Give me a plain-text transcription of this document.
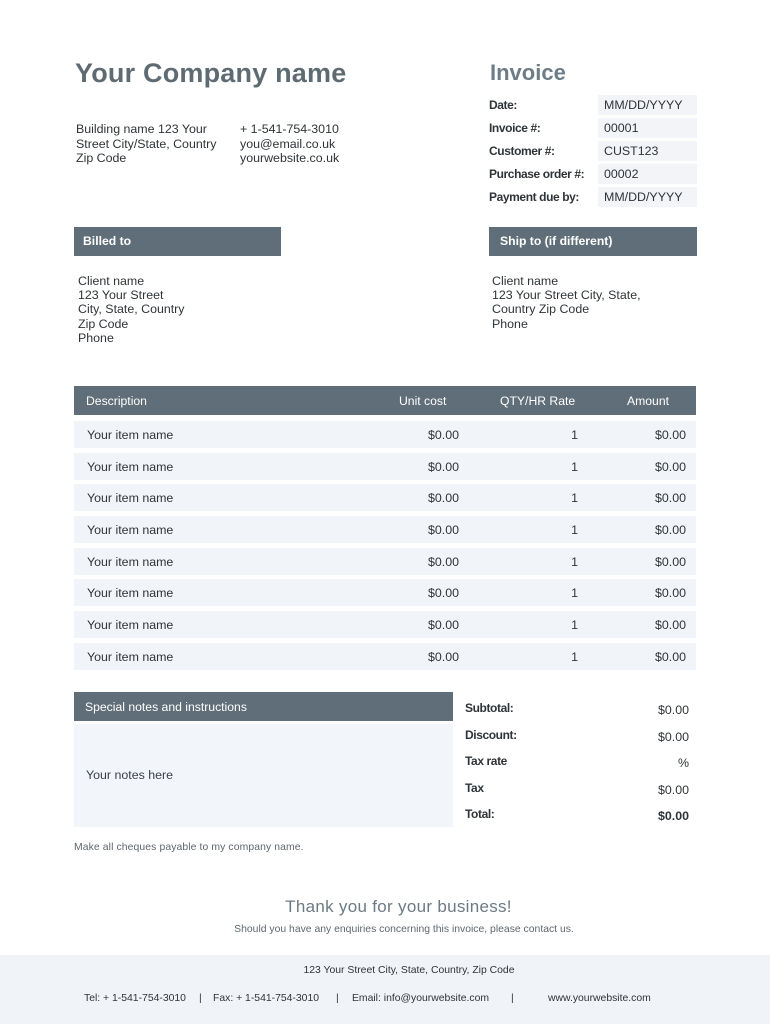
Your Company name	Invoice
Building name 123 Your
Street City/State, Country
Zip Code
+ 1-541-754-3010
you@email.co.uk
yourwebsite.co.uk
Date:	MM/DD/YYYY
Invoice #:	00001
Customer #:	CUST123
Purchase order #:	00002
Payment due by:	MM/DD/YYYY
Billed to	Ship to (if different)
Client name
123 Your Street
City, State, Country
Zip Code
Phone
Client name
123 Your Street City, State,
Country Zip Code
Phone
Description	Unit cost	QTY/HR Rate	Amount
Your item name	$0.00	1	$0.00
Your item name	$0.00	1	$0.00
Your item name	$0.00	1	$0.00
Your item name	$0.00	1	$0.00
Your item name	$0.00	1	$0.00
Your item name	$0.00	1	$0.00
Your item name	$0.00	1	$0.00
Your item name	$0.00	1	$0.00
Special notes and instructions
Your notes here
Subtotal:	$0.00
Discount:	$0.00
Tax rate	%
Tax	$0.00
Total:	$0.00
Make all cheques payable to my company name.
Thank you for your business!
Should you have any enquiries concerning this invoice, please contact us.
123 Your Street City, State, Country, Zip Code
Tel: + 1-541-754-3010 | Fax: + 1-541-754-3010 | Email: info@yourwebsite.com |	www.yourwebsite.com
